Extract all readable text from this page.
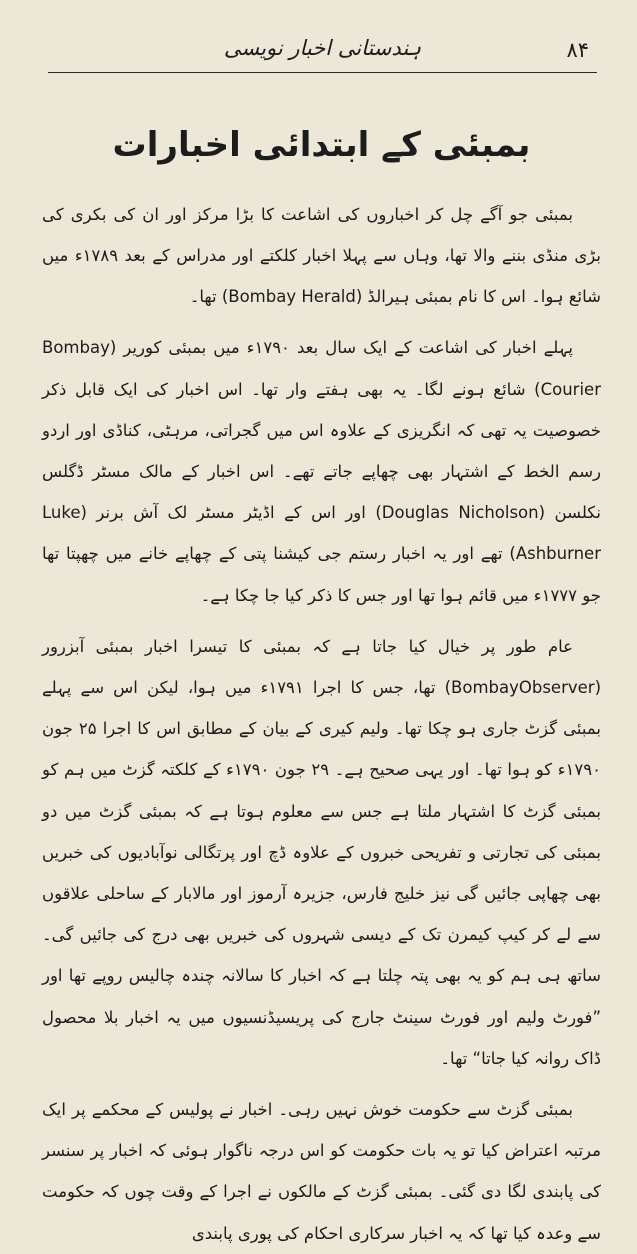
ہندستانی اخبار نویسی	۸۴
بمبئی کے ابتدائی اخبارات

بمبئی جو آگے چل کر اخباروں کی اشاعت کا بڑا مرکز اور ان کی بکری کی بڑی منڈی بننے والا تھا، وہاں سے پہلا اخبار کلکتے اور مدراس کے بعد ۱۷۸۹ء میں شائع ہوا۔ اس کا نام بمبئی ہیرالڈ (Bombay Herald) تھا۔

پہلے اخبار کی اشاعت کے ایک سال بعد ۱۷۹۰ء میں بمبئی کوریر (Bombay Courier) شائع ہونے لگا۔ یہ بھی ہفتے وار تھا۔ اس اخبار کی ایک قابل ذکر خصوصیت یہ تھی کہ انگریزی کے علاوہ اس میں گجراتی، مرہٹی، کناڈی اور اردو رسم الخط کے اشتہار بھی چھاپے جاتے تھے۔ اس اخبار کے مالک مسٹر ڈگلس نکلسن (Douglas Nicholson) اور اس کے اڈیٹر مسٹر لک آش برنر (Luke Ashburner) تھے اور یہ اخبار رستم جی کیشنا پتی کے چھاپے خانے میں چھپتا تھا جو ۱۷۷۷ء میں قائم ہوا تھا اور جس کا ذکر کیا جا چکا ہے۔

عام طور پر خیال کیا جاتا ہے کہ بمبئی کا تیسرا اخبار بمبئی آبزرور (BombayObserver) تھا، جس کا اجرا ۱۷۹۱ء میں ہوا، لیکن اس سے پہلے بمبئی گزٹ جاری ہو چکا تھا۔ ولیم کیری کے بیان کے مطابق اس کا اجرا ۲۵ جون ۱۷۹۰ء کو ہوا تھا۔ اور یہی صحیح ہے۔ ۲۹ جون ۱۷۹۰ء کے کلکتہ گزٹ میں ہم کو بمبئی گزٹ کا اشتہار ملتا ہے جس سے معلوم ہوتا ہے کہ بمبئی گزٹ میں دو بمبئی کی تجارتی و تفریحی خبروں کے علاوہ ڈچ اور پرتگالی نوآبادیوں کی خبریں بھی چھاپی جائیں گی نیز خلیج فارس، جزیرہ آرموز اور مالابار کے ساحلی علاقوں سے لے کر کیپ کیمرن تک کے دیسی شہروں کی خبریں بھی درج کی جائیں گی۔ ساتھ ہی ہم کو یہ بھی پتہ چلتا ہے کہ اخبار کا سالانہ چندہ چالیس روپے تھا اور ”فورٹ ولیم اور فورٹ سینٹ جارج کی پریسیڈنسیوں میں یہ اخبار بلا محصول ڈاک روانہ کیا جاتا“ تھا۔

بمبئی گزٹ سے حکومت خوش نہیں رہی۔ اخبار نے پولیس کے محکمے پر ایک مرتبہ اعتراض کیا تو یہ بات حکومت کو اس درجہ ناگوار ہوئی کہ اخبار پر سنسر کی پابندی لگا دی گئی۔ بمبئی گزٹ کے مالکوں نے اجرا کے وقت چوں کہ حکومت سے وعدہ کیا تھا کہ یہ اخبار سرکاری احکام کی پوری پابندی
